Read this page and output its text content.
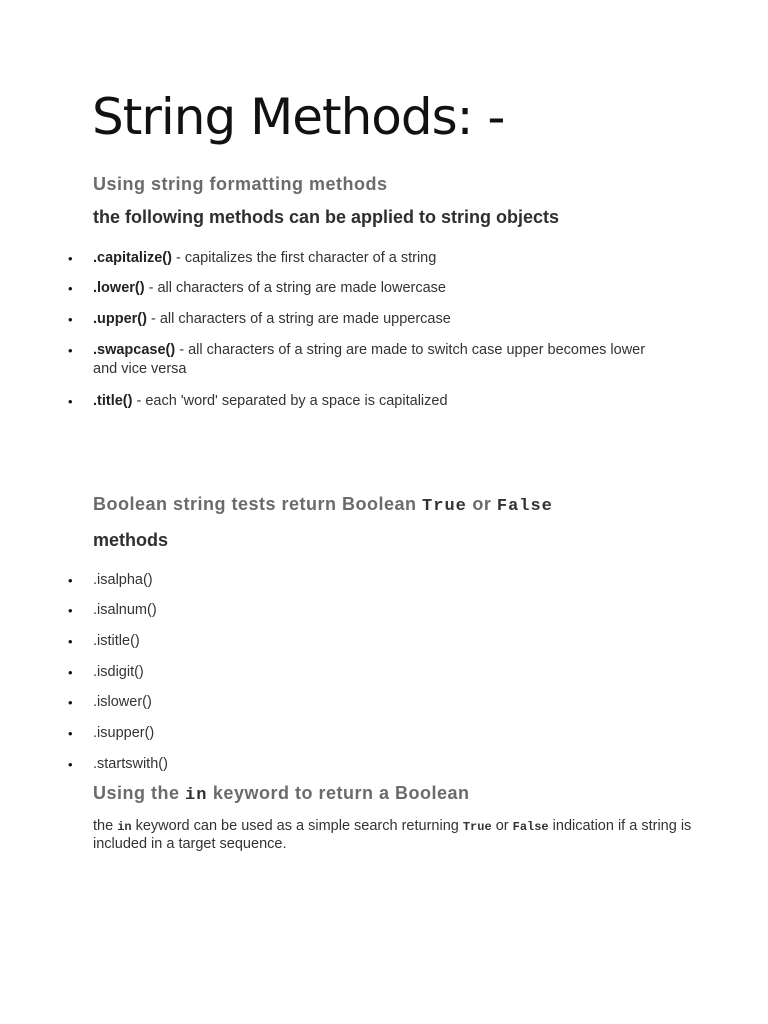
String Methods: -
Using string formatting methods
the following methods can be applied to string objects
• .capitalize() - capitalizes the first character of a string
• .lower() - all characters of a string are made lowercase
• .upper() - all characters of a string are made uppercase
• .swapcase() - all characters of a string are made to switch case upper becomes lower and vice versa
• .title() - each 'word' separated by a space is capitalized
Boolean string tests return Boolean True or False
methods
• .isalpha()
• .isalnum()
• .istitle()
• .isdigit()
• .islower()
• .isupper()
• .startswith()
Using the in keyword to return a Boolean

the in keyword can be used as a simple search returning True or False indication if a string is included in a target sequence.
